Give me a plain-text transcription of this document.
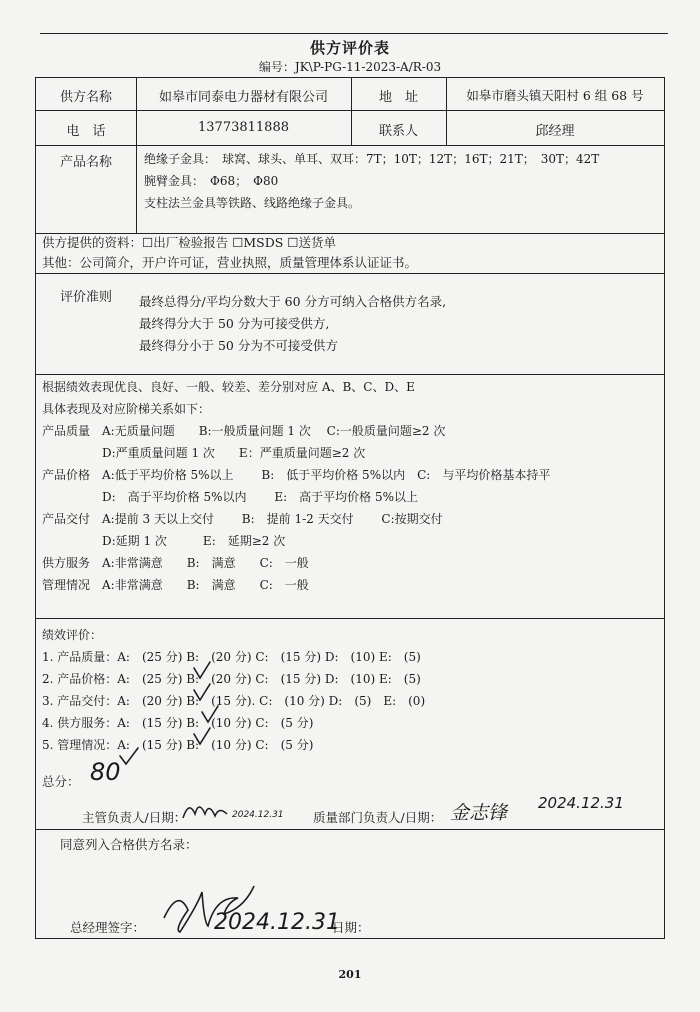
供方评价表
编号：JK\P-PG-11-2023-A/R-03
供方名称	如皋市同泰电力器材有限公司	地　址	如皋市磨头镇天阳村 6 组 68 号
电　话	13773811888	联系人	邱经理
产品名称	绝缘子金具：　球窝、球头、单耳、双耳：7T；10T；12T；16T；21T；　30T；42T
腕臂金具：　Φ68；　Φ80
支柱法兰金具等铁路、线路绝缘子金具。
供方提供的资料：☐出厂检验报告 ☐MSDS ☐送货单
其他：公司简介，开户许可证，营业执照，质量管理体系认证证书。
评价准则	最终总得分/平均分数大于 60 分方可纳入合格供方名录,
最终得分大于 50 分为可接受供方,
最终得分小于 50 分为不可接受供方
根据绩效表现优良、良好、一般、较差、差分别对应 A、B、C、D、E
具体表现及对应阶梯关系如下：
产品质量　A:无质量问题　　B:一般质量问题 1 次　 C:一般质量问题≥2 次
　　　　　D:严重质量问题 1 次　　E：严重质量问题≥2 次
产品价格　A:低于平均价格 5%以上　　 B:　低于平均价格 5%以内　C:　与平均价格基本持平
　　　　　D:　高于平均价格 5%以内　　 E:　高于平均价格 5%以上
产品交付　A:提前 3 天以上交付　　 B:　提前 1-2 天交付　　 C:按期交付
　　　　　D:延期 1 次　　　E:　延期≥2 次
供方服务　A:非常满意　　B:　满意　　C:　一般
管理情况　A:非常满意　　B:　满意　　C:　一般
绩效评价：
1. 产品质量：A:　(25 分) B:　(20 分) C:　(15 分) D:　(10) E:　(5)
2. 产品价格：A:　(25 分) B:　(20 分) C:　(15 分) D:　(10) E:　(5)
3. 产品交付：A:　(20 分) B:　(15 分). C:　(10 分) D:　(5)　E:　(0)
4. 供方服务：A:　(15 分) B:　(10 分) C:　(5 分)
5. 管理情况：A:　(15 分) B:　(10 分) C:　(5 分)
总分： 80
主管负责人/日期：	2024.12.31 质量部门负责人/日期： 金志锋 2024.12.31
同意列入合格供方名录：
总经理签字：	2024.12.31
日期：
201
